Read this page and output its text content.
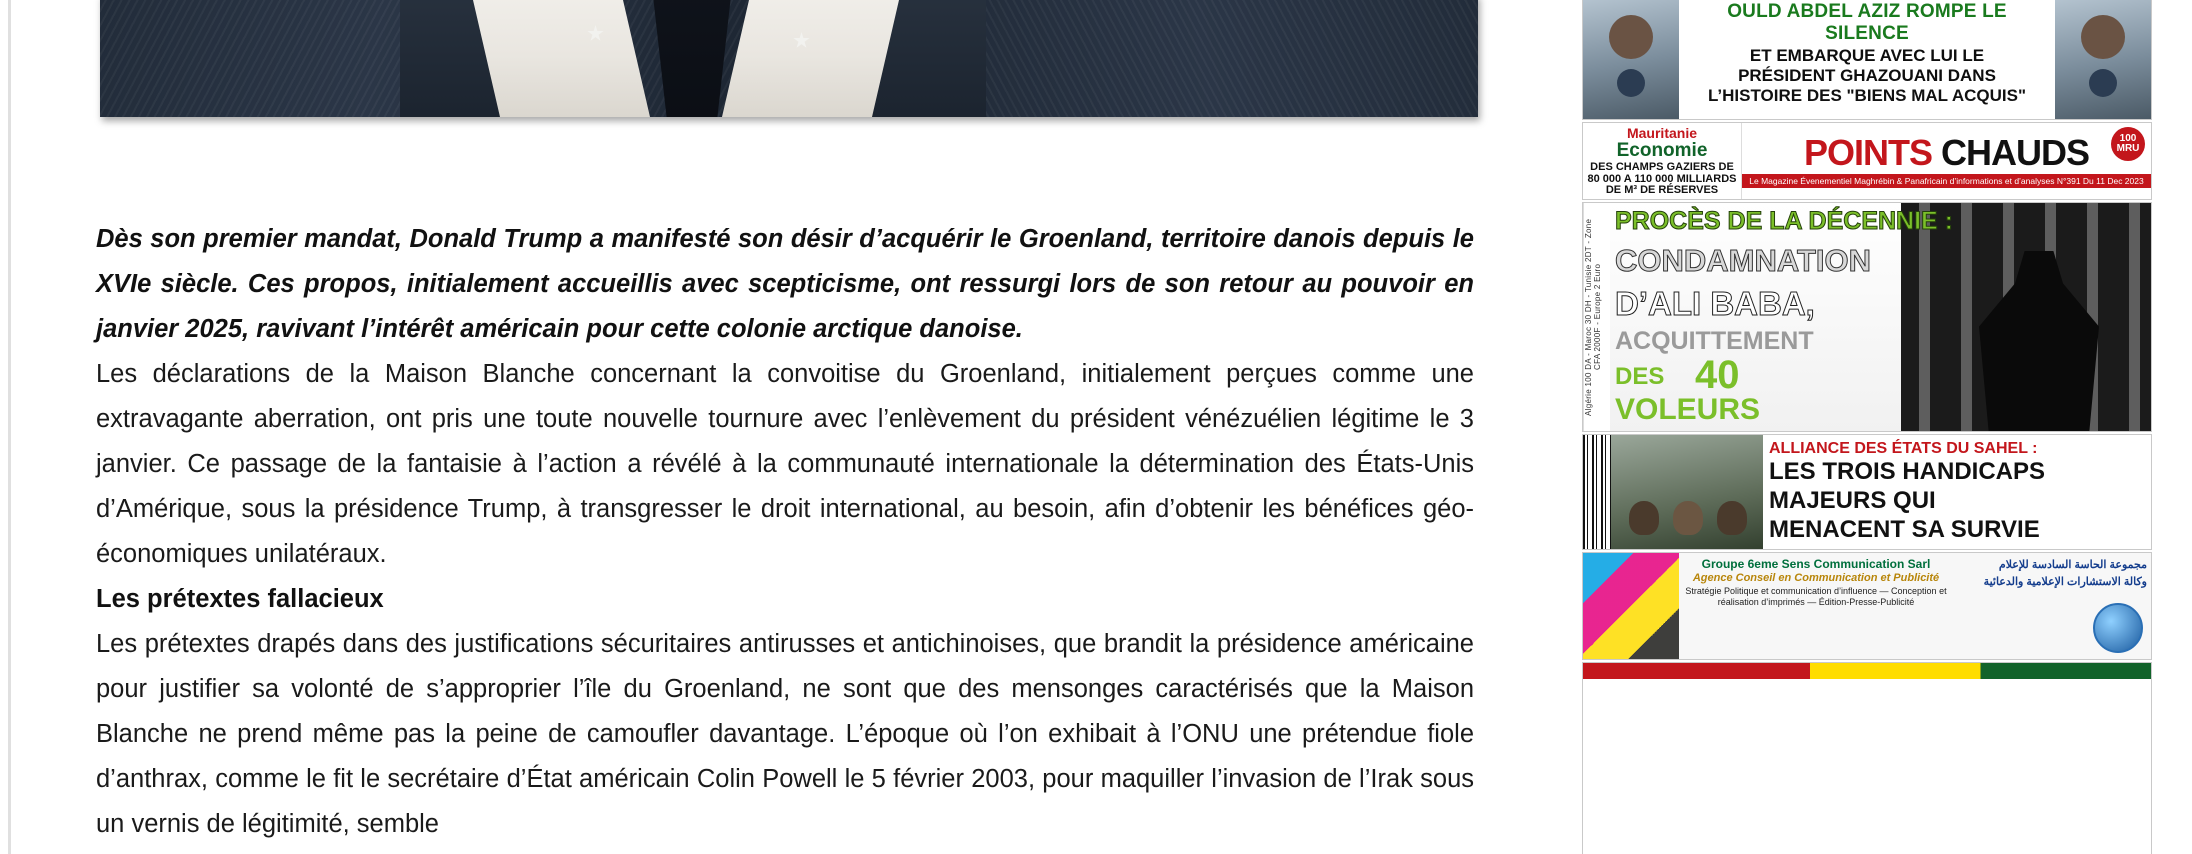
Dès son premier mandat, Donald Trump a manifesté son désir d’acquérir le Groenland, territoire danois depuis le XVIe siècle. Ces propos, initialement accueillis avec scepticisme, ont ressurgi lors de son retour au pouvoir en janvier 2025, ravivant l’intérêt américain pour cette colonie arctique danoise.

Les déclarations de la Maison Blanche concernant la convoitise du Groenland, initialement perçues comme une extravagante aberration, ont pris une toute nouvelle tournure avec l’enlèvement du président vénézuélien légitime le 3 janvier. Ce passage de la fantaisie à l’action a révélé à la communauté internationale la détermination des États-Unis d’Amérique, sous la présidence Trump, à transgresser le droit international, au besoin, afin d’obtenir les bénéfices géo-économiques unilatéraux.

Les prétextes fallacieux

Les prétextes drapés dans des justifications sécuritaires antirusses et antichinoises, que brandit la présidence américaine pour justifier sa volonté de s’approprier l’île du Groenland, ne sont que des mensonges caractérisés que la Maison Blanche ne prend même pas la peine de camoufler davantage. L’époque où l’on exhibait à l’ONU une prétendue fiole d’anthrax, comme le fit le secrétaire d’État américain Colin Powell le 5 février 2003, pour maquiller l’invasion de l’Irak sous un vernis de légitimité, semble

OULD ABDEL AZIZ ROMPE LE SILENCE
ET EMBARQUE AVEC LUI LE
PRÉSIDENT GHAZOUANI DANS
L’HISTOIRE DES "BIENS MAL ACQUIS"
Mauritanie
Economie
DES CHAMPS GAZIERS DE 80 000 A 110 000 MILLIARDS DE M³ DE RÉSERVES
POINTS CHAUDS
Le Magazine Évenementiel Maghrébin & Panafricain d’informations et d’analyses N°391 Du 11 Dec 2023
100
MRU
Algérie 100 DA - Maroc 30 DH - Tunisie 2DT - Zone CFA 2000F - Europe 2 Euro
PROCÈS DE LA DÉCENNIE :
CONDAMNATION
D’ALI BABA,
ACQUITTEMENT
DES 40
VOLEURS
ALLIANCE DES ÉTATS DU SAHEL :
LES TROIS HANDICAPS
MAJEURS QUI
MENACENT SA SURVIE
Groupe 6eme Sens Communication Sarl
Agence Conseil en Communication et Publicité
Stratégie Politique et communication d’influence — Conception et réalisation d’imprimés — Édition-Presse-Publicité
مجموعة الحاسة السادسة للإعلام
وكالة الاستشارات الإعلامية والدعائية
